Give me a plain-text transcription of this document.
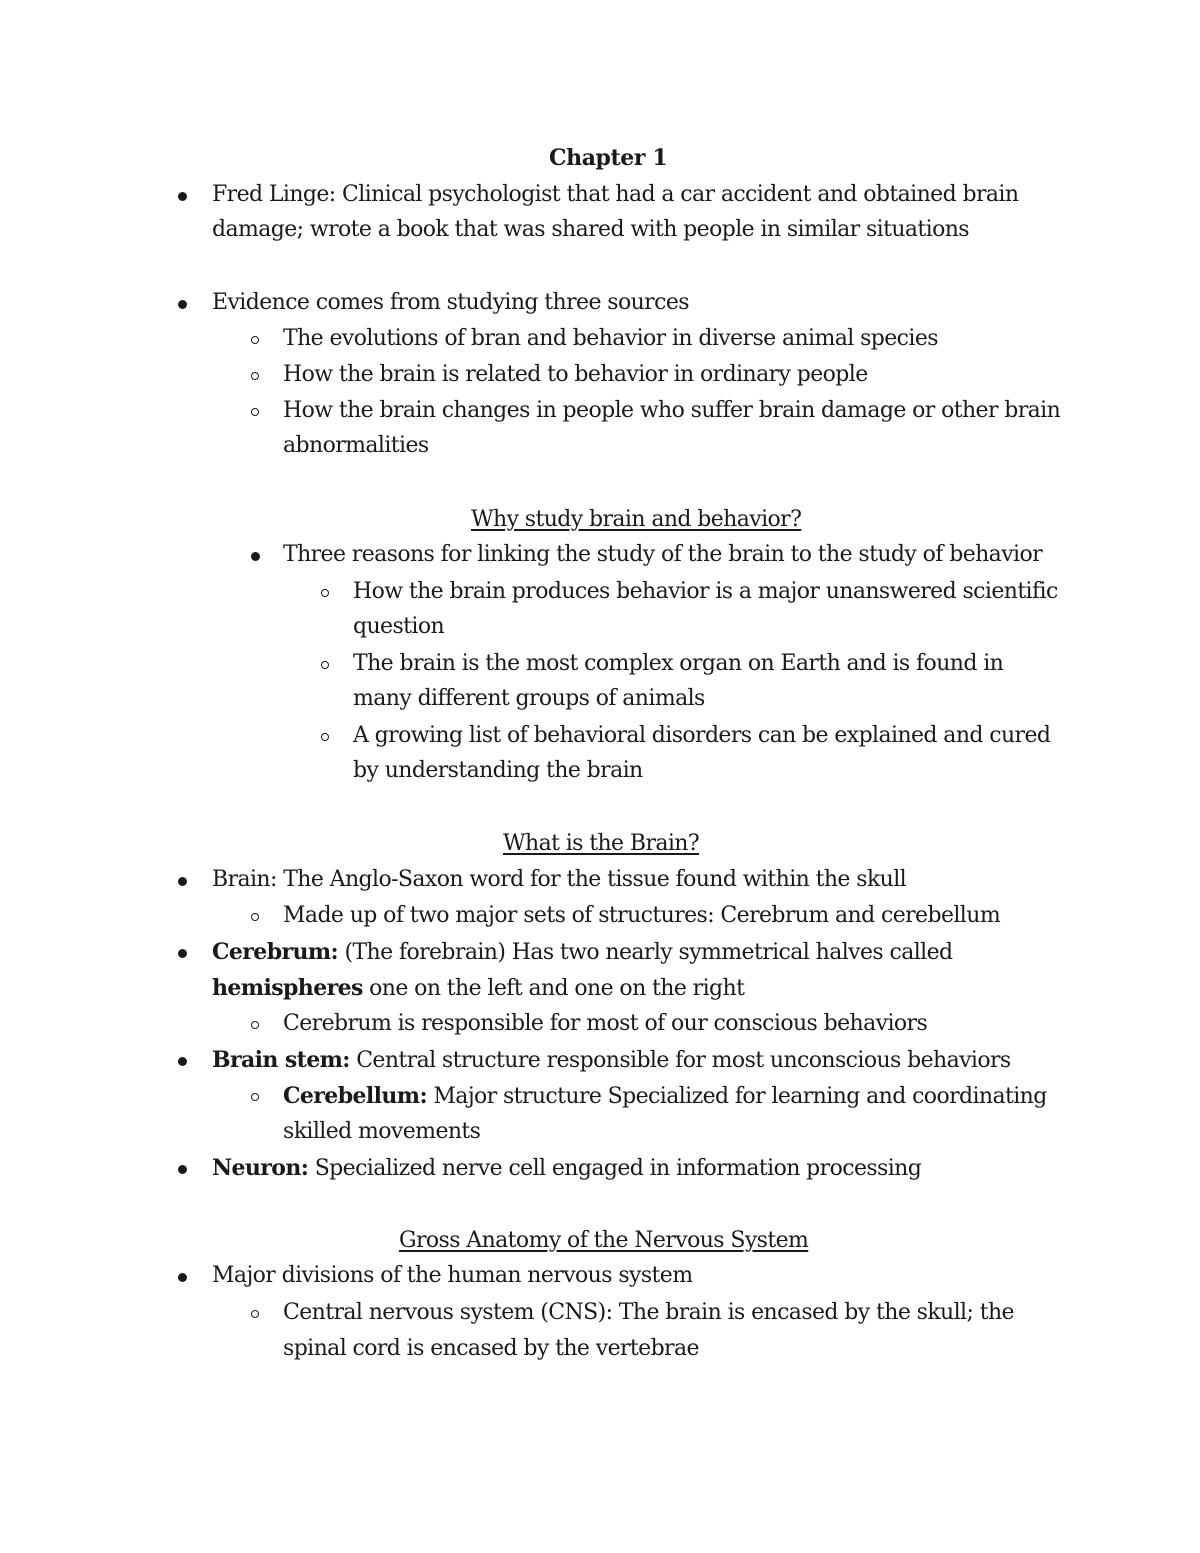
Chapter 1
Fred Linge: Clinical psychologist that had a car accident and obtained brain
damage; wrote a book that was shared with people in similar situations
Evidence comes from studying three sources
The evolutions of bran and behavior in diverse animal species
How the brain is related to behavior in ordinary people
How the brain changes in people who suffer brain damage or other brain
abnormalities
Why study brain and behavior?
Three reasons for linking the study of the brain to the study of behavior
How the brain produces behavior is a major unanswered scientific
question
The brain is the most complex organ on Earth and is found in
many different groups of animals
A growing list of behavioral disorders can be explained and cured
by understanding the brain
What is the Brain?
Brain: The Anglo-Saxon word for the tissue found within the skull
Made up of two major sets of structures: Cerebrum and cerebellum
Cerebrum: (The forebrain) Has two nearly symmetrical halves called
hemispheres one on the left and one on the right
Cerebrum is responsible for most of our conscious behaviors
Brain stem: Central structure responsible for most unconscious behaviors
Cerebellum: Major structure Specialized for learning and coordinating
skilled movements
Neuron: Specialized nerve cell engaged in information processing
Gross Anatomy of the Nervous System
Major divisions of the human nervous system
Central nervous system (CNS): The brain is encased by the skull; the
spinal cord is encased by the vertebrae
